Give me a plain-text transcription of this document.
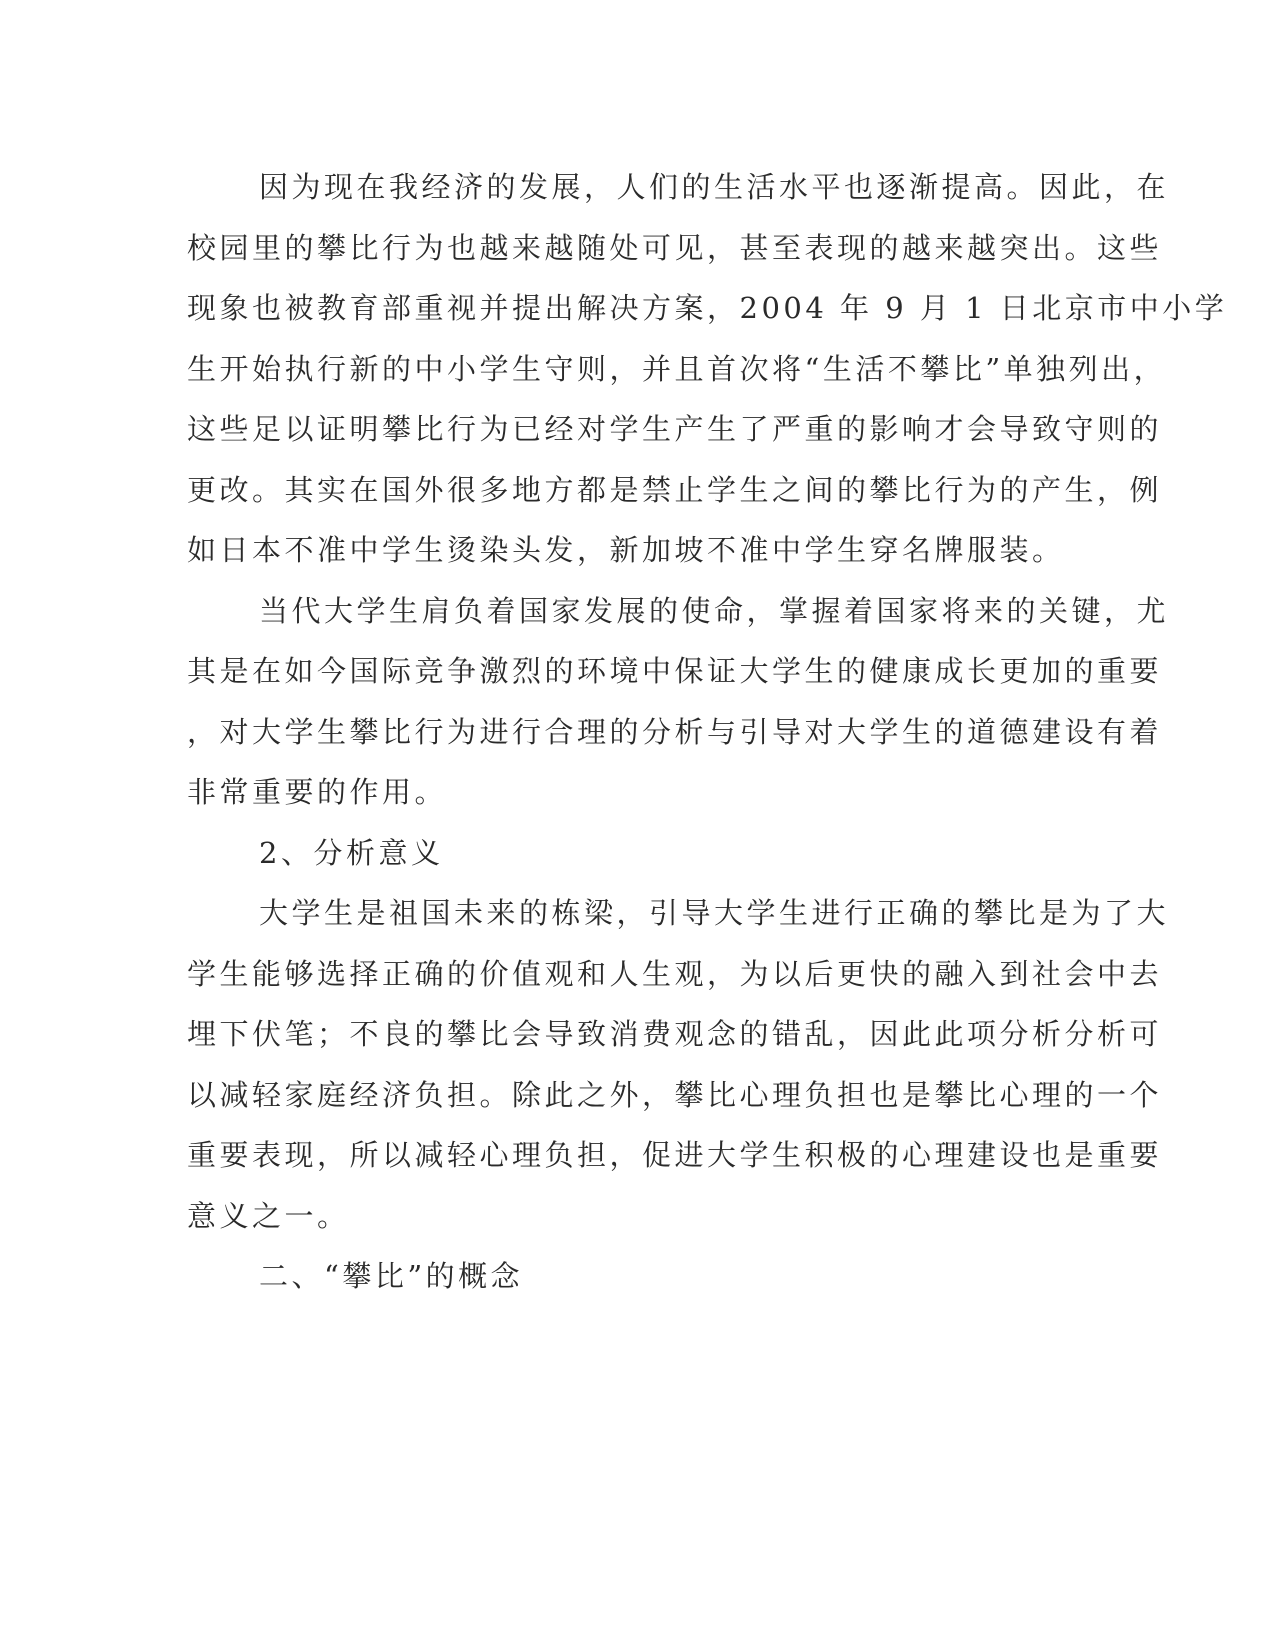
因为现在我经济的发展，人们的生活水平也逐渐提高。因此，在
校园里的攀比行为也越来越随处可见，甚至表现的越来越突出。这些
现象也被教育部重视并提出解决方案，2004 年 9 月 1 日北京市中小学
生开始执行新的中小学生守则，并且首次将“生活不攀比”单独列出，
这些足以证明攀比行为已经对学生产生了严重的影响才会导致守则的
更改。其实在国外很多地方都是禁止学生之间的攀比行为的产生，例
如日本不准中学生烫染头发，新加坡不准中学生穿名牌服装。
当代大学生肩负着国家发展的使命，掌握着国家将来的关键，尤
其是在如今国际竞争激烈的环境中保证大学生的健康成长更加的重要
，对大学生攀比行为进行合理的分析与引导对大学生的道德建设有着
非常重要的作用。
2、分析意义
大学生是祖国未来的栋梁，引导大学生进行正确的攀比是为了大
学生能够选择正确的价值观和人生观，为以后更快的融入到社会中去
埋下伏笔；不良的攀比会导致消费观念的错乱，因此此项分析分析可
以减轻家庭经济负担。除此之外，攀比心理负担也是攀比心理的一个
重要表现，所以减轻心理负担，促进大学生积极的心理建设也是重要
意义之一。
二、“攀比”的概念
